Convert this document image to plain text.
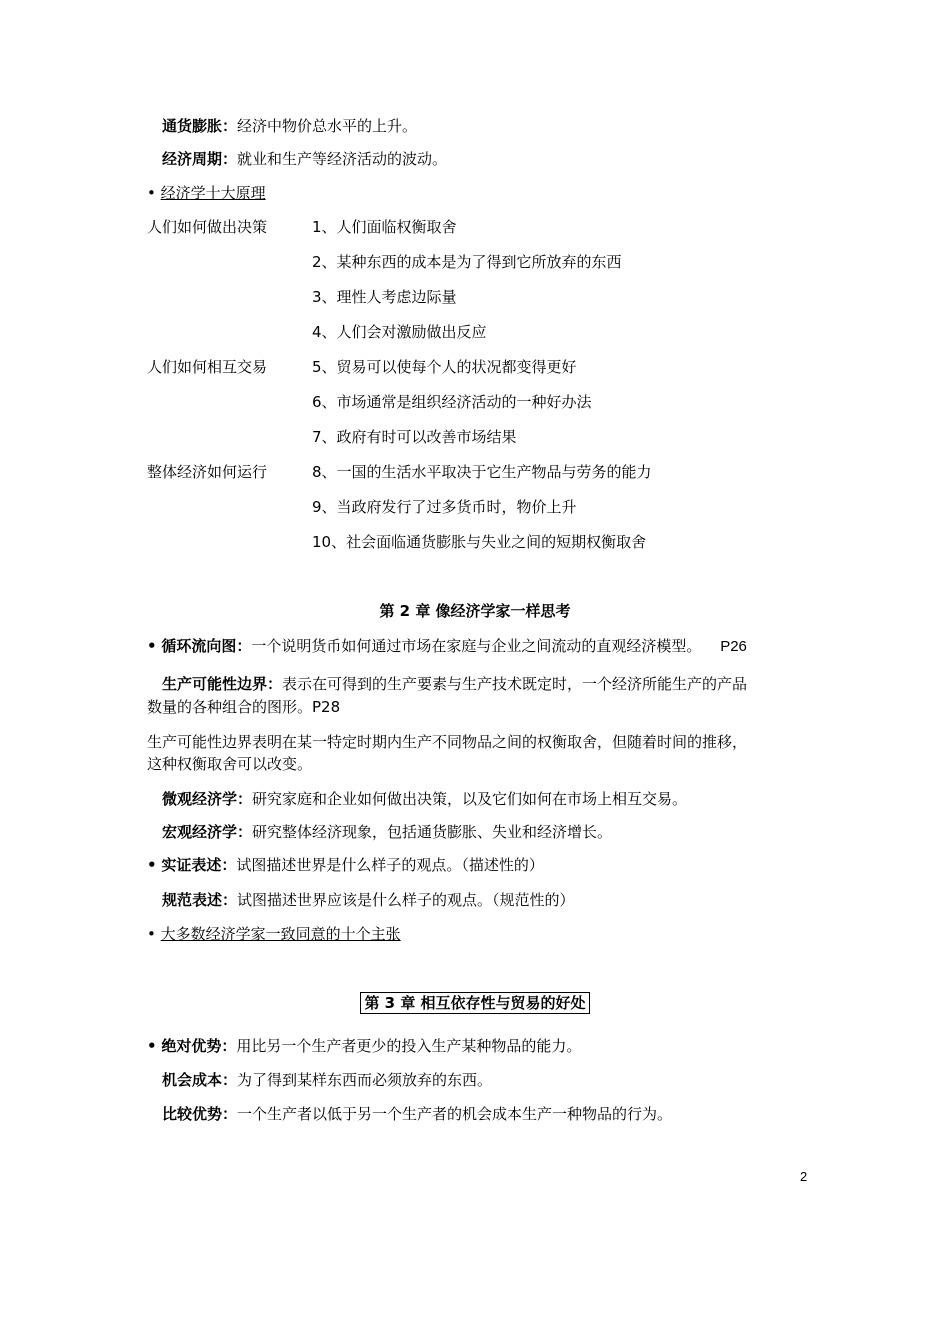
通货膨胀：经济中物价总水平的上升。
经济周期：就业和生产等经济活动的波动。
• 经济学十大原理
人们如何做出决策	1、人们面临权衡取舍
2、某种东西的成本是为了得到它所放弃的东西
3、理性人考虑边际量
4、人们会对激励做出反应
人们如何相互交易	5、贸易可以使每个人的状况都变得更好
6、市场通常是组织经济活动的一种好办法
7、政府有时可以改善市场结果
整体经济如何运行	8、一国的生活水平取决于它生产物品与劳务的能力
9、当政府发行了过多货币时，物价上升
10、社会面临通货膨胀与失业之间的短期权衡取舍
第 2 章 像经济学家一样思考
• 循环流向图：一个说明货币如何通过市场在家庭与企业之间流动的直观经济模型。 P26
生产可能性边界：表示在可得到的生产要素与生产技术既定时，一个经济所能生产的产品
数量的各种组合的图形。P28
生产可能性边界表明在某一特定时期内生产不同物品之间的权衡取舍，但随着时间的推移，
这种权衡取舍可以改变。
微观经济学：研究家庭和企业如何做出决策，以及它们如何在市场上相互交易。
宏观经济学：研究整体经济现象，包括通货膨胀、失业和经济增长。
• 实证表述：试图描述世界是什么样子的观点。（描述性的）
规范表述：试图描述世界应该是什么样子的观点。（规范性的）
• 大多数经济学家一致同意的十个主张
第 3 章 相互依存性与贸易的好处
• 绝对优势：用比另一个生产者更少的投入生产某种物品的能力。
机会成本：为了得到某样东西而必须放弃的东西。
比较优势：一个生产者以低于另一个生产者的机会成本生产一种物品的行为。
2
